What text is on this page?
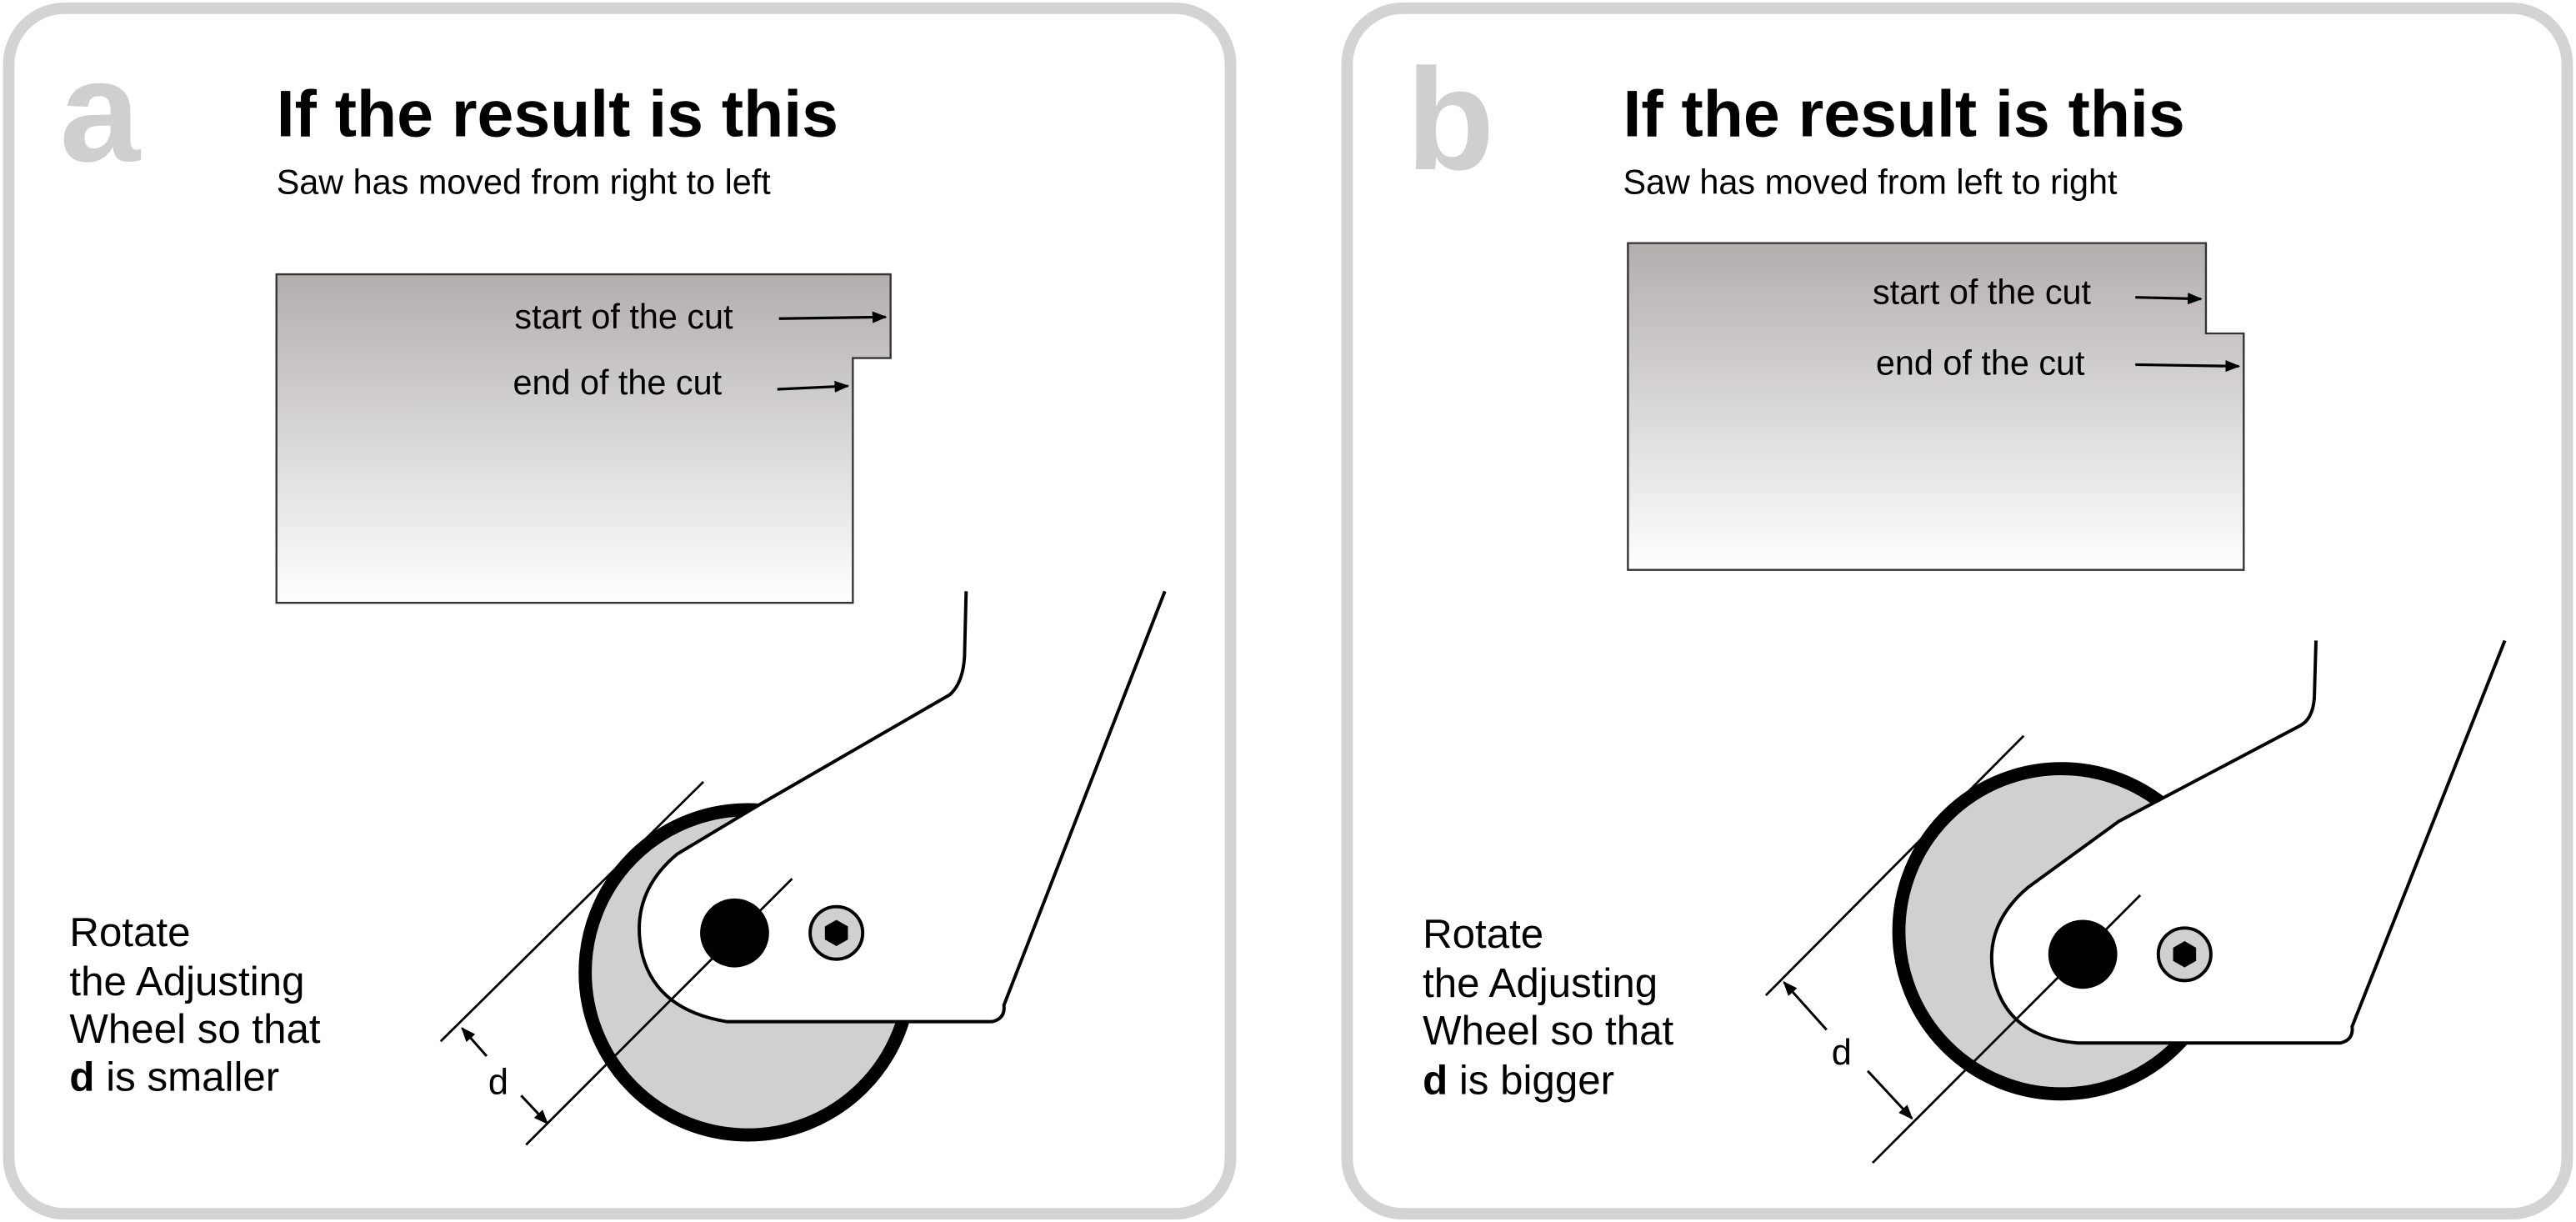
a	If the result is this
Saw has moved from right to left
start of the cut
end of the cut
d
Rotate
the Adjusting
Wheel so that
d is smaller
b	If the result is this
Saw has moved from left to right
start of the cut
end of the cut
d
Rotate
the Adjusting
Wheel so that
d is bigger
